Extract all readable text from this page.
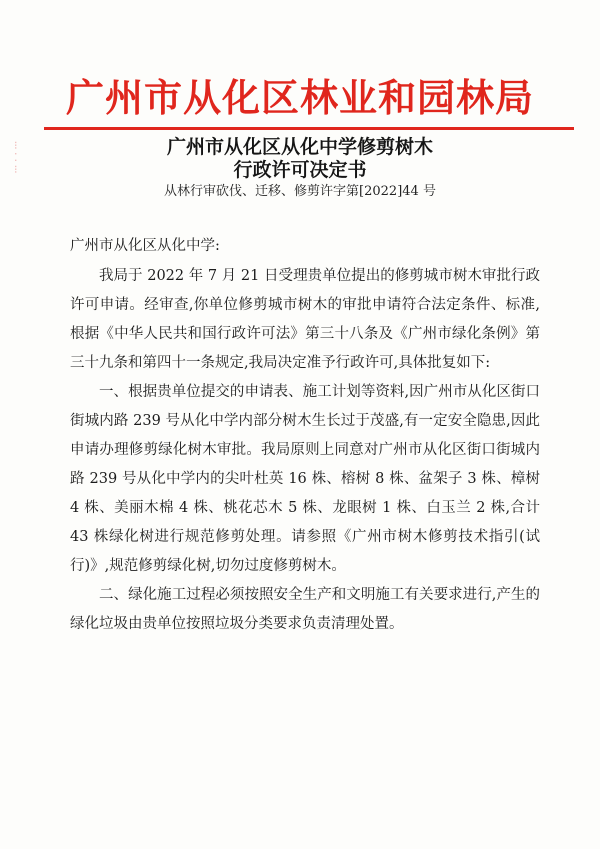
⁝
⁚
⁝
广州市从化区林业和园林局
广州市从化区从化中学修剪树木
行政许可决定书
从林行审砍伐、迁移、修剪许字第[2022]44 号
广州市从化区从化中学:

我局于 2022 年 7 月 21 日受理贵单位提出的修剪城市树木审批行政许可申请。经审查,你单位修剪城市树木的审批申请符合法定条件、标准,根据《中华人民共和国行政许可法》第三十八条及《广州市绿化条例》第三十九条和第四十一条规定,我局决定准予行政许可,具体批复如下:

一、根据贵单位提交的申请表、施工计划等资料,因广州市从化区街口街城内路 239 号从化中学内部分树木生长过于茂盛,有一定安全隐患,因此申请办理修剪绿化树木审批。我局原则上同意对广州市从化区街口街城内路 239 号从化中学内的尖叶杜英 16 株、榕树 8 株、盆架子 3 株、樟树 4 株、美丽木棉 4 株、桃花芯木 5 株、龙眼树 1 株、白玉兰 2 株,合计 43 株绿化树进行规范修剪处理。请参照《广州市树木修剪技术指引(试行)》,规范修剪绿化树,切勿过度修剪树木。

二、绿化施工过程必须按照安全生产和文明施工有关要求进行,产生的绿化垃圾由贵单位按照垃圾分类要求负责清理处置。
